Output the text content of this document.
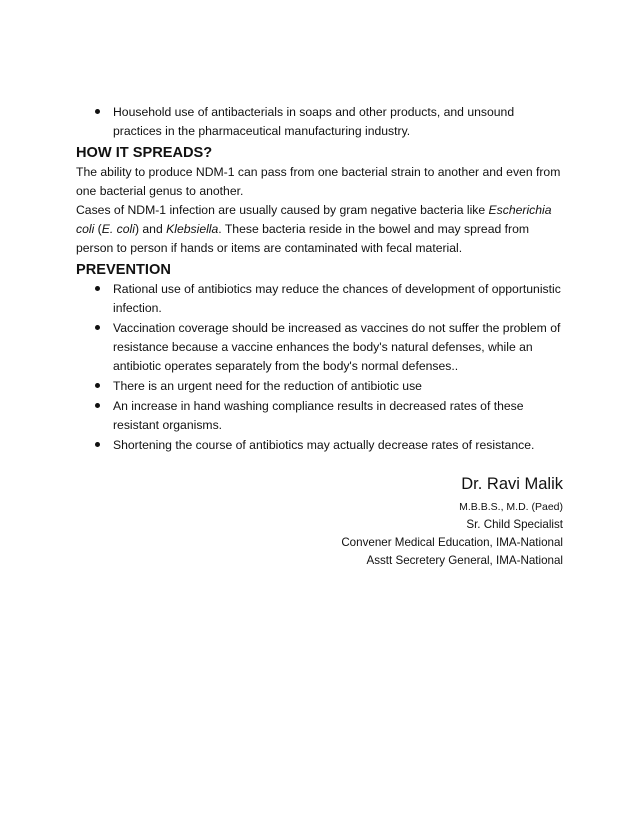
Household use of antibacterials in soaps and other products, and unsound practices in the pharmaceutical manufacturing industry.
HOW IT SPREADS?

The ability to produce NDM-1 can pass from one bacterial strain to another and even from one bacterial genus to another.

Cases of NDM-1 infection are usually caused by gram negative bacteria like Escherichia coli (E. coli) and Klebsiella. These bacteria reside in the bowel and may spread from person to person if hands or items are contaminated with fecal material.

PREVENTION
Rational use of antibiotics may reduce the chances of development of opportunistic infection.
Vaccination coverage should be increased as vaccines do not suffer the problem of resistance because a vaccine enhances the body's natural defenses, while an antibiotic operates separately from the body's normal defenses..
There is an urgent need for the reduction of antibiotic use
An increase in hand washing compliance results in decreased rates of these resistant organisms.
Shortening the course of antibiotics may actually decrease rates of resistance.
Dr. Ravi Malik
M.B.B.S., M.D. (Paed)
Sr. Child Specialist
Convener Medical Education, IMA-National
Asstt Secretery General, IMA-National
